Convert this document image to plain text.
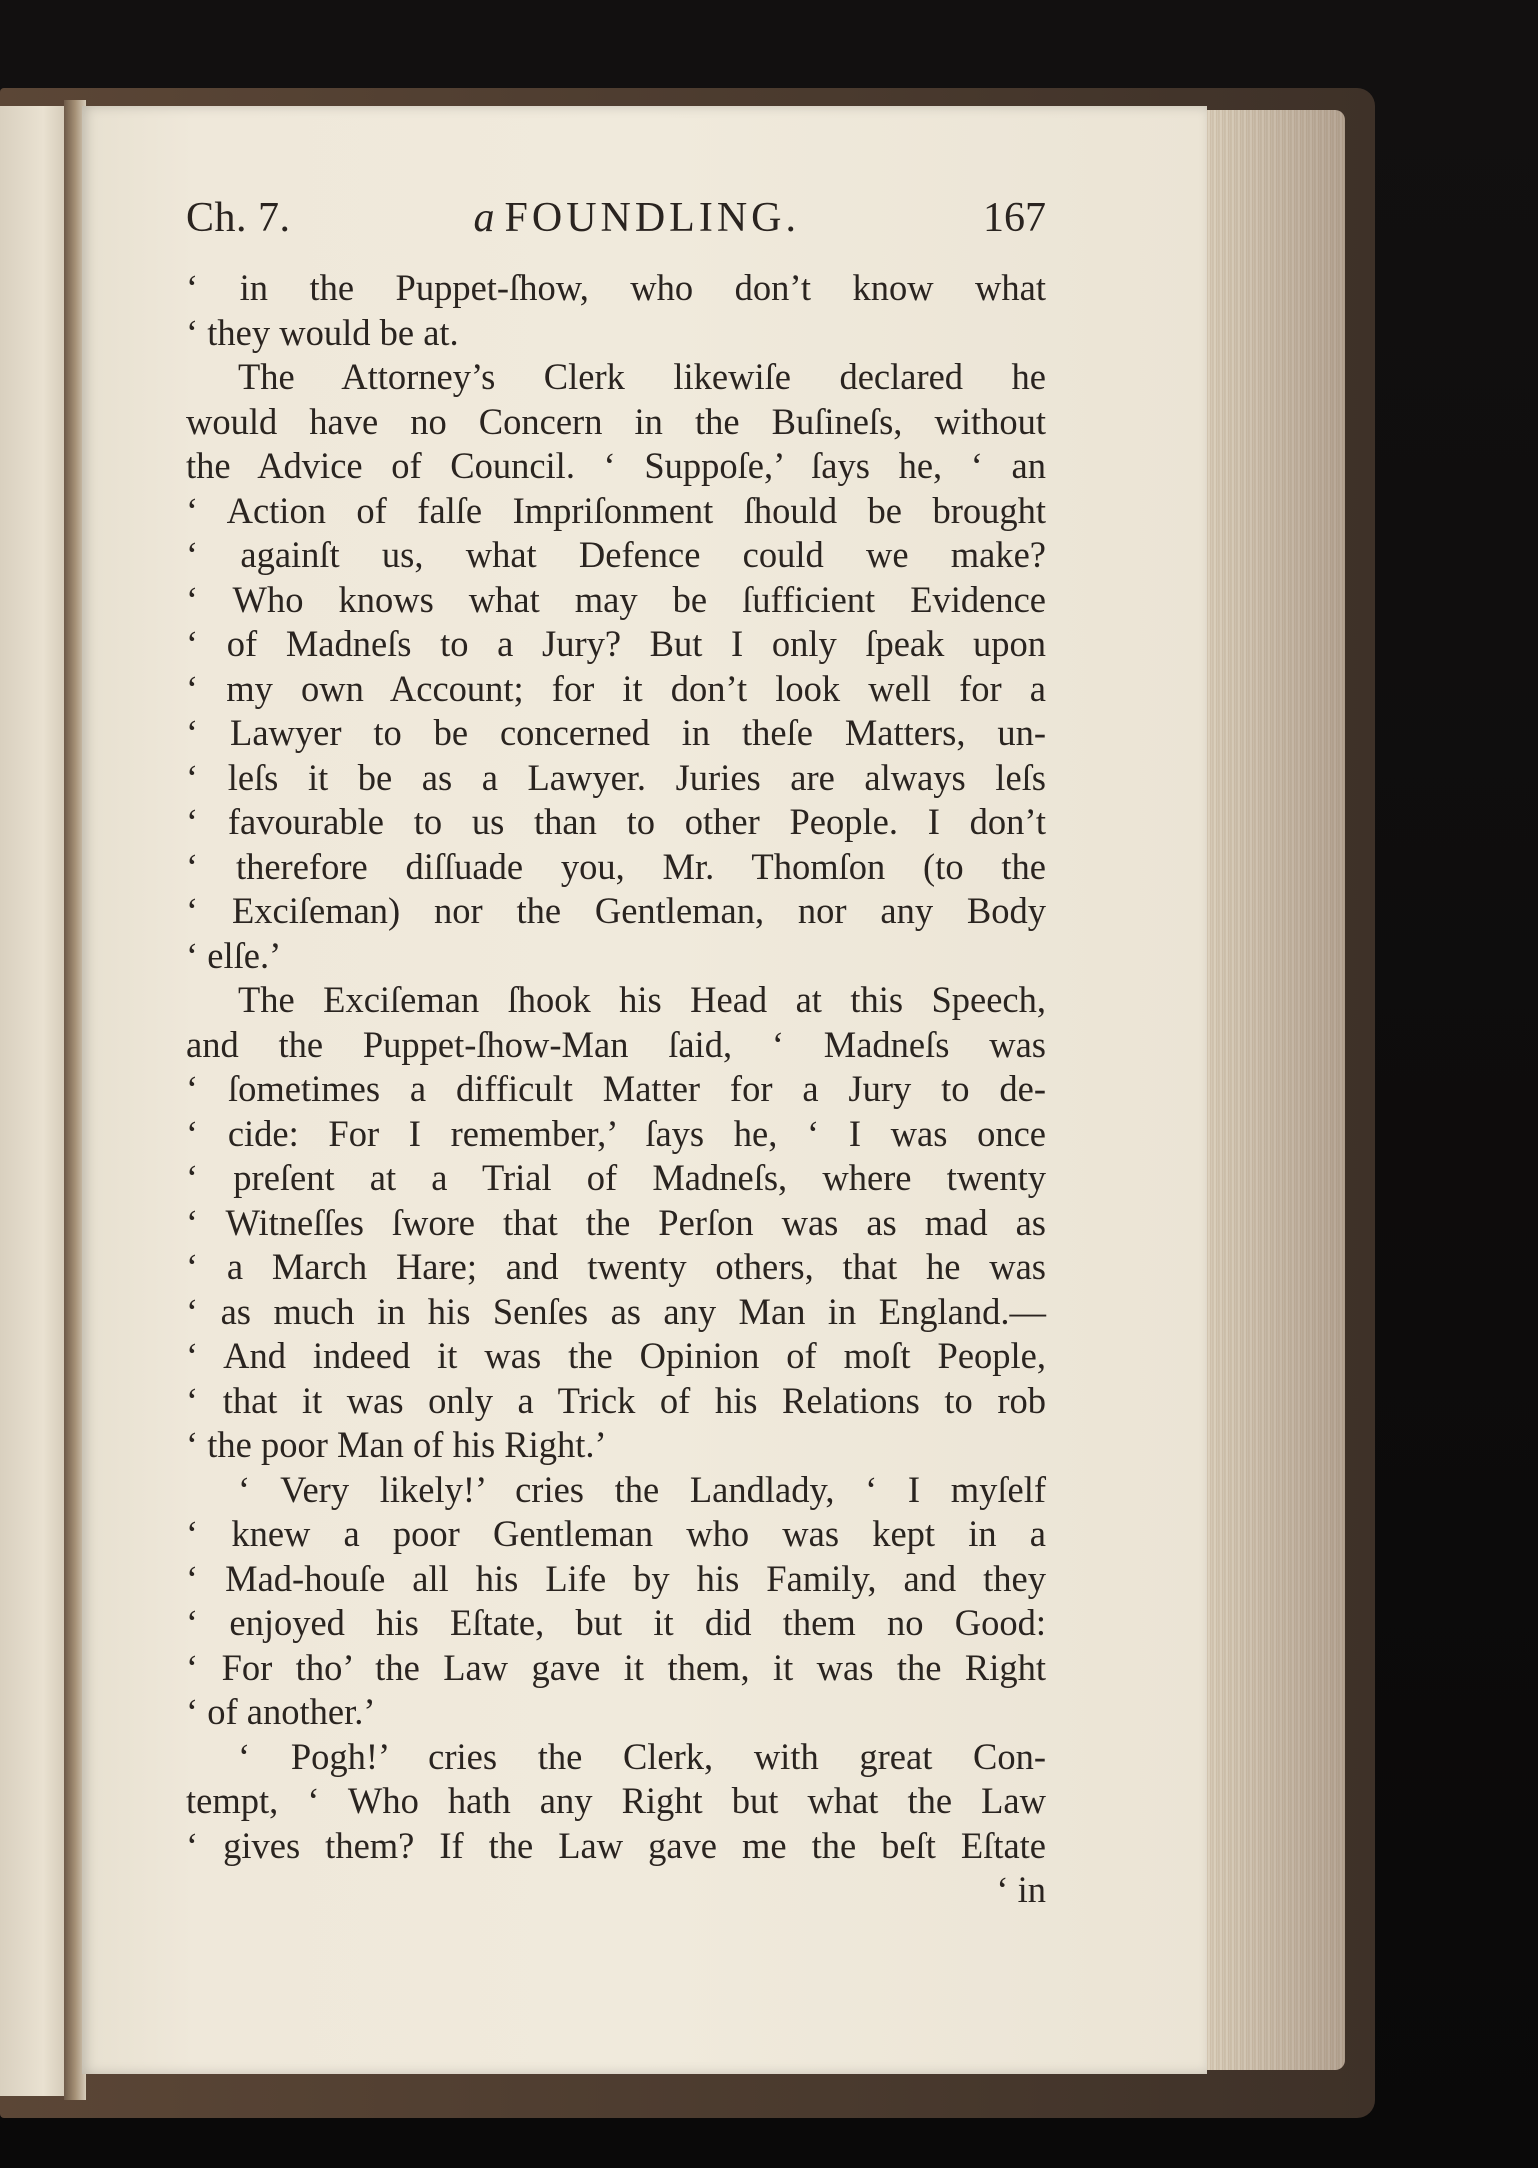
Ch. 7.	a FOUNDLING.	167
‘ in the Puppet-ſhow, who don’t know what
‘ they would be at.
The Attorney’s Clerk likewiſe declared he
would have no Concern in the Buſineſs, without
the Advice of Council. ‘ Suppoſe,’ ſays he, ‘ an
‘ Action of falſe Impriſonment ſhould be brought
‘ againſt us, what Defence could we make?
‘ Who knows what may be ſufficient Evidence
‘ of Madneſs to a Jury? But I only ſpeak upon
‘ my own Account; for it don’t look well for a
‘ Lawyer to be concerned in theſe Matters, un-
‘ leſs it be as a Lawyer. Juries are always leſs
‘ favourable to us than to other People. I don’t
‘ therefore diſſuade you, Mr. Thomſon (to the
‘ Exciſeman) nor the Gentleman, nor any Body
‘ elſe.’
The Exciſeman ſhook his Head at this Speech,
and the Puppet-ſhow-Man ſaid, ‘ Madneſs was
‘ ſometimes a difficult Matter for a Jury to de-
‘ cide: For I remember,’ ſays he, ‘ I was once
‘ preſent at a Trial of Madneſs, where twenty
‘ Witneſſes ſwore that the Perſon was as mad as
‘ a March Hare; and twenty others, that he was
‘ as much in his Senſes as any Man in England.—
‘ And indeed it was the Opinion of moſt People,
‘ that it was only a Trick of his Relations to rob
‘ the poor Man of his Right.’
‘ Very likely!’ cries the Landlady, ‘ I myſelf
‘ knew a poor Gentleman who was kept in a
‘ Mad-houſe all his Life by his Family, and they
‘ enjoyed his Eſtate, but it did them no Good:
‘ For tho’ the Law gave it them, it was the Right
‘ of another.’
‘ Pogh!’ cries the Clerk, with great Con-
tempt, ‘ Who hath any Right but what the Law
‘ gives them? If the Law gave me the beſt Eſtate
‘ in
